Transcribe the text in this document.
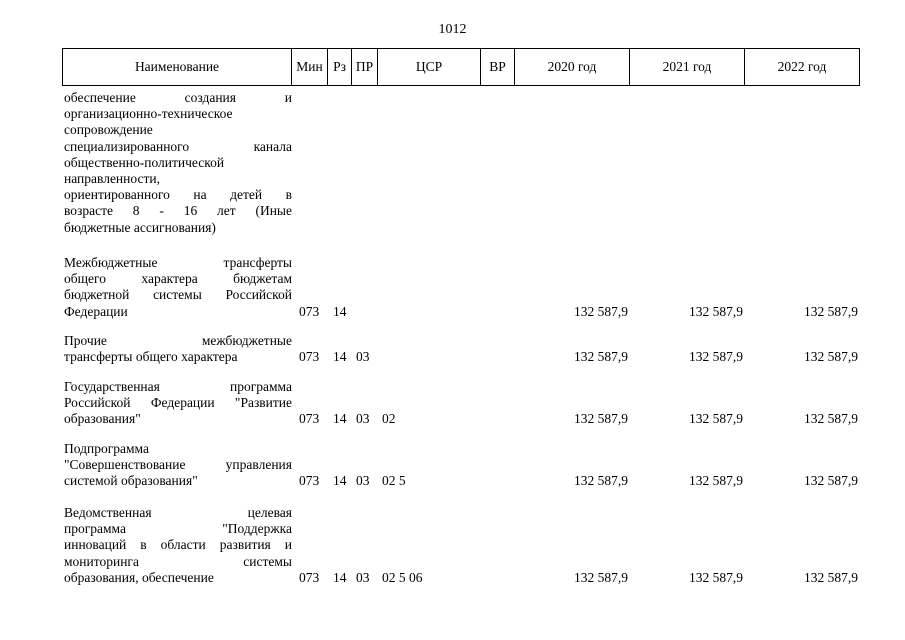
1012
Наименование	Мин Рз ПР	ЦСР	ВР	2020 год	2021 год	2022 год
обеспечение создания и
организационно-техническое
сопровождение
специализированного канала
общественно-политической
направленности,
ориентированного на детей в
возрасте 8 - 16 лет (Иные
бюджетные ассигнования)
Межбюджетные трансферты
общего характера бюджетам
бюджетной системы Российской
Федерации	073 14	132 587,9	132 587,9	132 587,9
Прочие межбюджетные
трансферты общего характера	073 14 03	132 587,9	132 587,9	132 587,9
Государственная программа
Российской Федерации "Развитие
образования"	073 14 03 02	132 587,9	132 587,9	132 587,9
Подпрограмма
"Совершенствование управления
системой образования"	073 14 03 02 5	132 587,9	132 587,9	132 587,9
Ведомственная целевая
программа "Поддержка
инноваций в области развития и
мониторинга системы
образования, обеспечение	073 14 03 02 5 06	132 587,9	132 587,9	132 587,9
